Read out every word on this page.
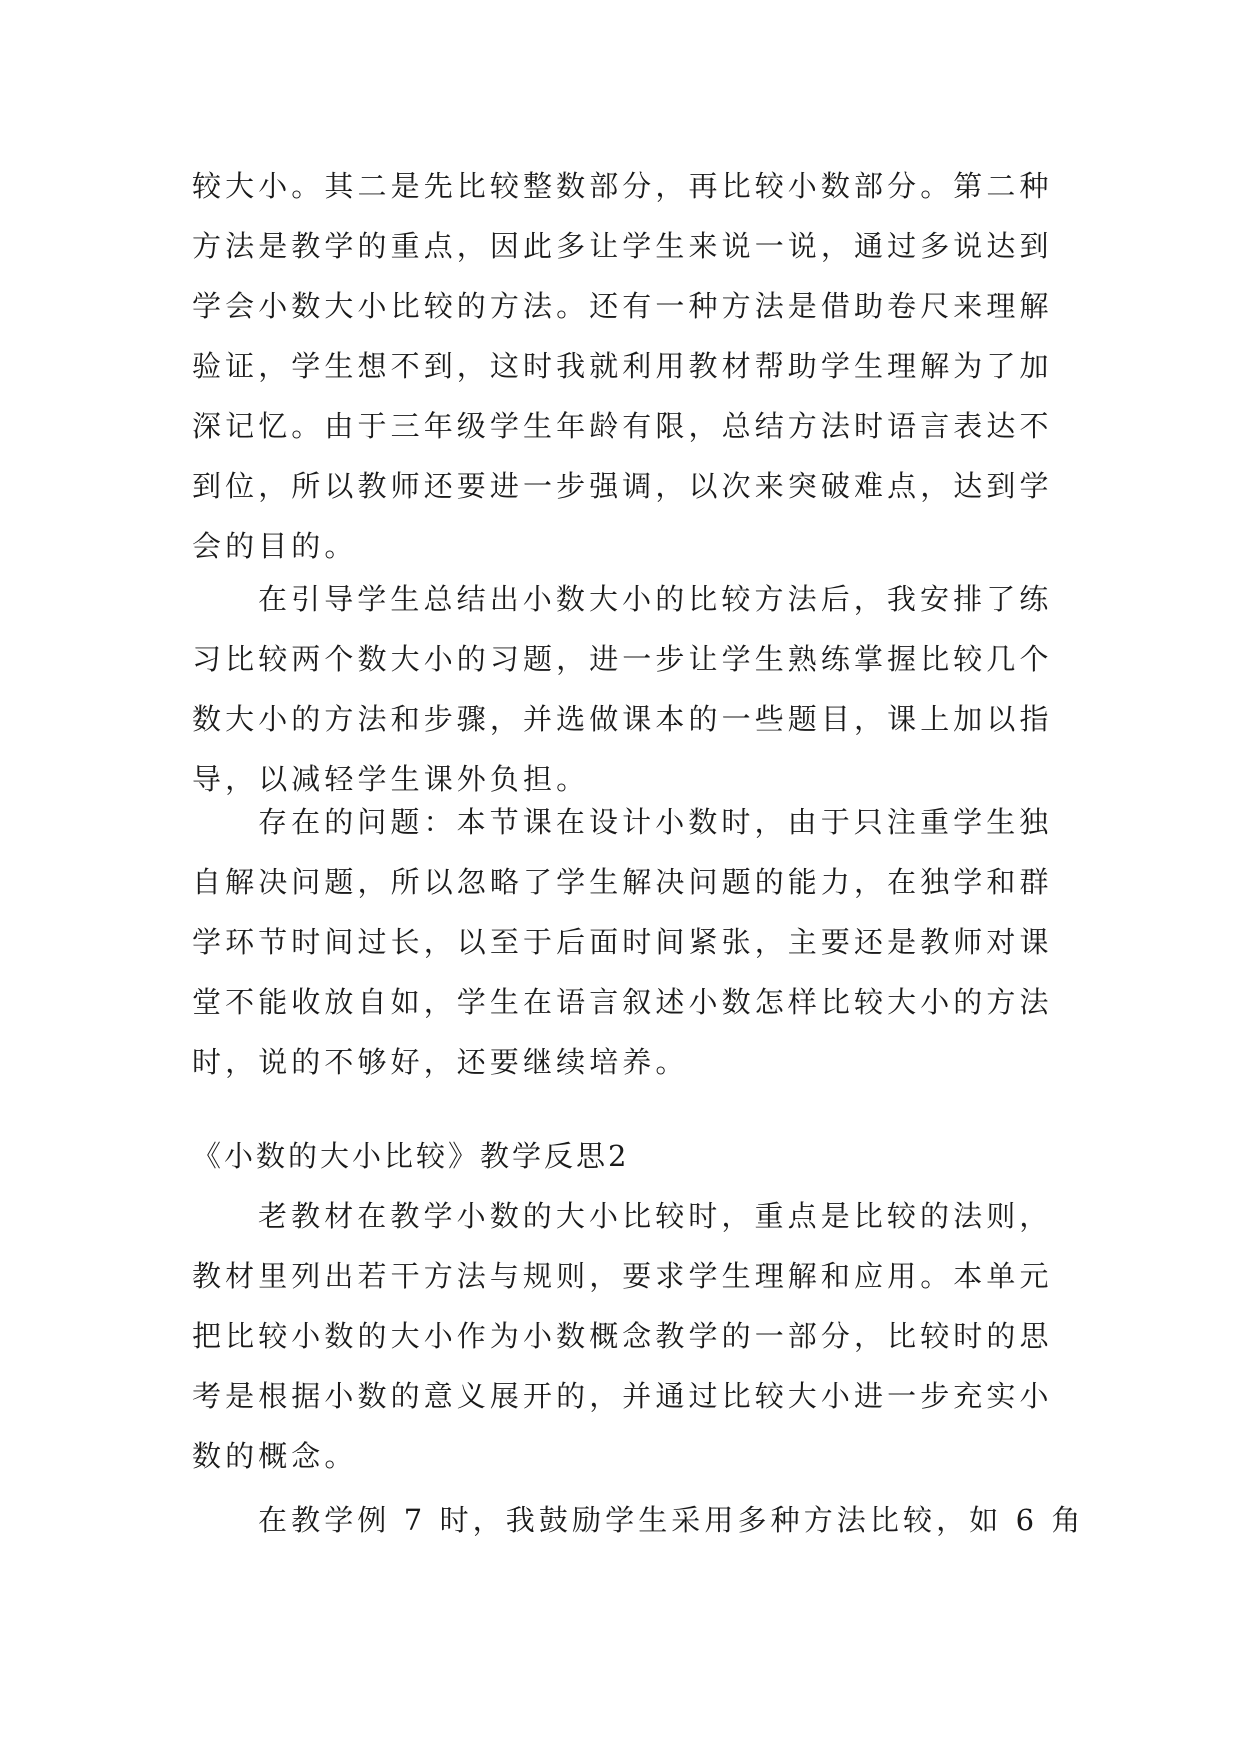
较大小。其二是先比较整数部分，再比较小数部分。第二种
方法是教学的重点，因此多让学生来说一说，通过多说达到
学会小数大小比较的方法。还有一种方法是借助卷尺来理解
验证，学生想不到，这时我就利用教材帮助学生理解为了加
深记忆。由于三年级学生年龄有限，总结方法时语言表达不
到位，所以教师还要进一步强调，以次来突破难点，达到学
会的目的。
在引导学生总结出小数大小的比较方法后，我安排了练
习比较两个数大小的习题，进一步让学生熟练掌握比较几个
数大小的方法和步骤，并选做课本的一些题目，课上加以指
导，以减轻学生课外负担。
存在的问题：本节课在设计小数时，由于只注重学生独
自解决问题，所以忽略了学生解决问题的能力，在独学和群
学环节时间过长，以至于后面时间紧张，主要还是教师对课
堂不能收放自如，学生在语言叙述小数怎样比较大小的方法
时，说的不够好，还要继续培养。
《小数的大小比较》教学反思2
老教材在教学小数的大小比较时，重点是比较的法则，
教材里列出若干方法与规则，要求学生理解和应用。本单元
把比较小数的大小作为小数概念教学的一部分，比较时的思
考是根据小数的意义展开的，并通过比较大小进一步充实小
数的概念。
在教学例 7 时，我鼓励学生采用多种方法比较，如 6 角
